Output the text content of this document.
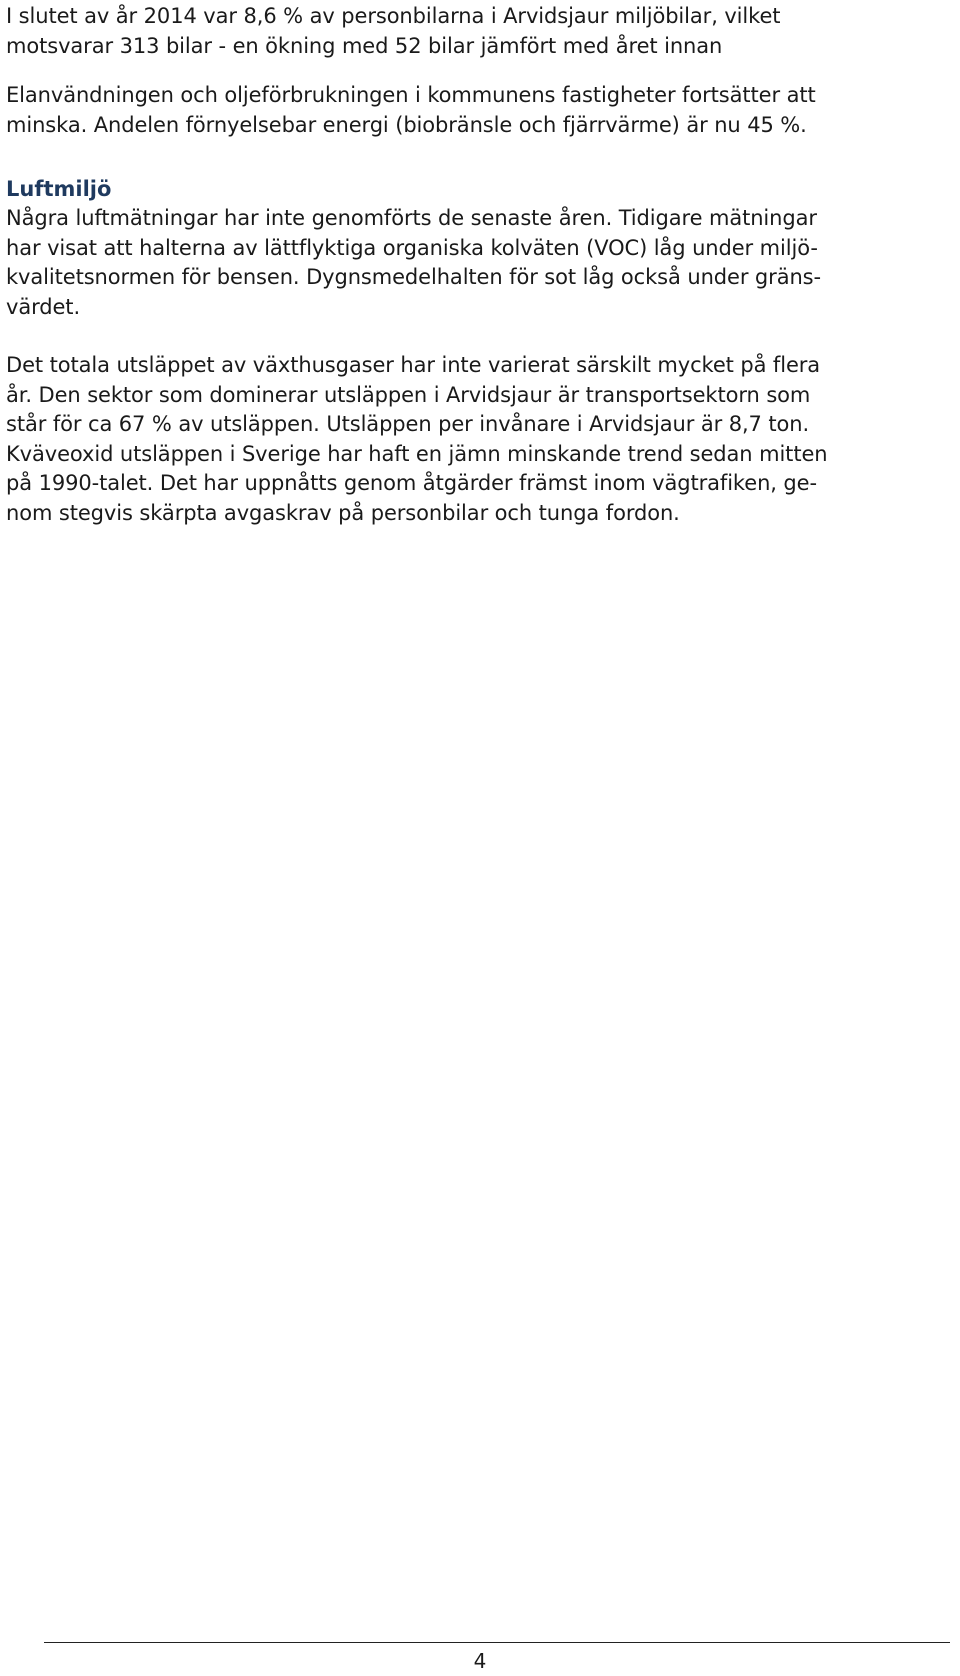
I slutet av år 2014 var 8,6 % av personbilarna i Arvidsjaur miljöbilar, vilket
motsvarar 313 bilar - en ökning med 52 bilar jämfört med året innan
Elanvändningen och oljeförbrukningen i kommunens fastigheter fortsätter att
minska. Andelen förnyelsebar energi (biobränsle och fjärrvärme) är nu 45 %.
Luftmiljö
Några luftmätningar har inte genomförts de senaste åren. Tidigare mätningar
har visat att halterna av lättflyktiga organiska kolväten (VOC) låg under miljö-
kvalitetsnormen för bensen. Dygnsmedelhalten för sot låg också under gräns-
värdet.
Det totala utsläppet av växthusgaser har inte varierat särskilt mycket på flera
år. Den sektor som dominerar utsläppen i Arvidsjaur är transportsektorn som
står för ca 67 % av utsläppen. Utsläppen per invånare i Arvidsjaur är 8,7 ton.
Kväveoxid utsläppen i Sverige har haft en jämn minskande trend sedan mitten
på 1990-talet. Det har uppnåtts genom åtgärder främst inom vägtrafiken, ge-
nom stegvis skärpta avgaskrav på personbilar och tunga fordon.
4
